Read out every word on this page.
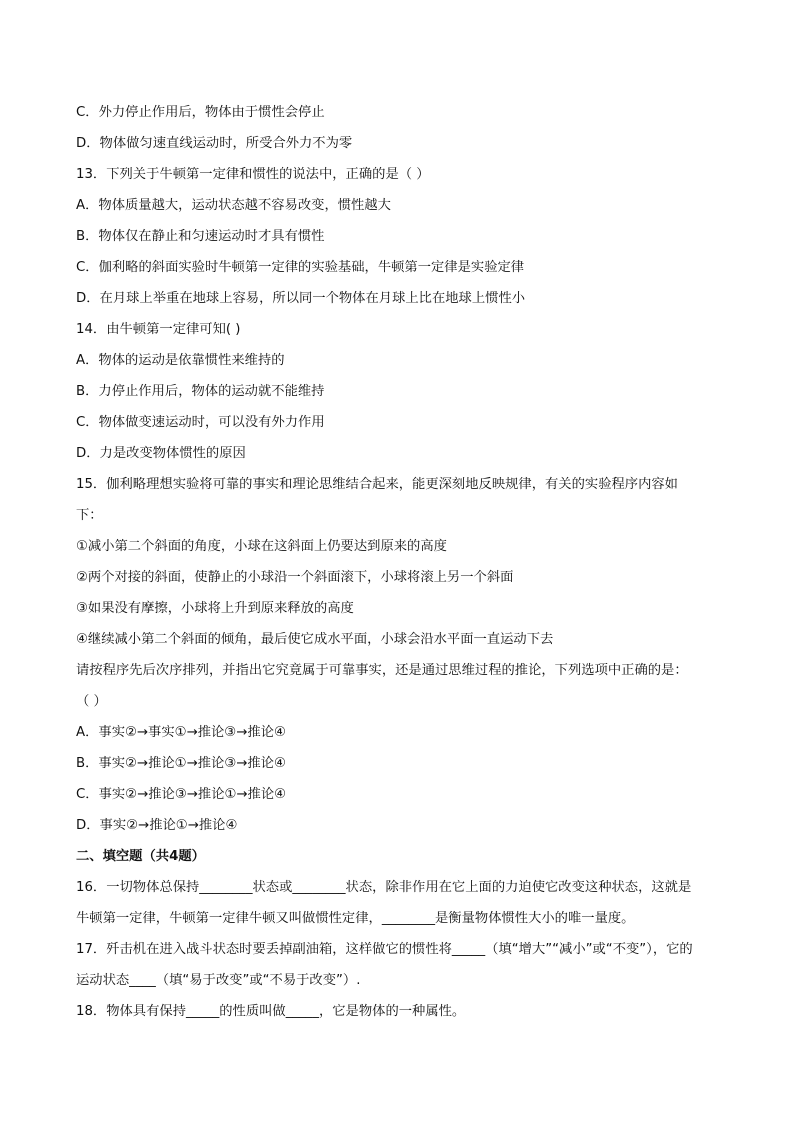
C．外力停止作用后，物体由于惯性会停止
D．物体做匀速直线运动时，所受合外力不为零
13．下列关于牛顿第一定律和惯性的说法中，正确的是（ ）
A．物体质量越大，运动状态越不容易改变，惯性越大
B．物体仅在静止和匀速运动时才具有惯性
C．伽利略的斜面实验时牛顿第一定律的实验基础，牛顿第一定律是实验定律
D．在月球上举重在地球上容易，所以同一个物体在月球上比在地球上惯性小
14．由牛顿第一定律可知( )
A．物体的运动是依靠惯性来维持的
B．力停止作用后，物体的运动就不能维持
C．物体做变速运动时，可以没有外力作用
D．力是改变物体惯性的原因
15．伽利略理想实验将可靠的事实和理论思维结合起来，能更深刻地反映规律，有关的实验程序内容如
下：
①减小第二个斜面的角度，小球在这斜面上仍要达到原来的高度
②两个对接的斜面，使静止的小球沿一个斜面滚下，小球将滚上另一个斜面
③如果没有摩擦，小球将上升到原来释放的高度
④继续减小第二个斜面的倾角，最后使它成水平面，小球会沿水平面一直运动下去
请按程序先后次序排列，并指出它究竟属于可靠事实，还是通过思维过程的推论，下列选项中正确的是：
（ ）
A．事实②→事实①→推论③→推论④
B．事实②→推论①→推论③→推论④
C．事实②→推论③→推论①→推论④
D．事实②→推论①→推论④
二、填空题（共4题）
16．一切物体总保持________状态或________状态，除非作用在它上面的力迫使它改变这种状态，这就是
牛顿第一定律，牛顿第一定律牛顿又叫做惯性定律，________是衡量物体惯性大小的唯一量度。
17．歼击机在进入战斗状态时要丢掉副油箱，这样做它的惯性将_____（填“增大”“减小”或“不变”），它的
运动状态____（填“易于改变”或“不易于改变”）.
18．物体具有保持_____的性质叫做_____，它是物体的一种属性。
